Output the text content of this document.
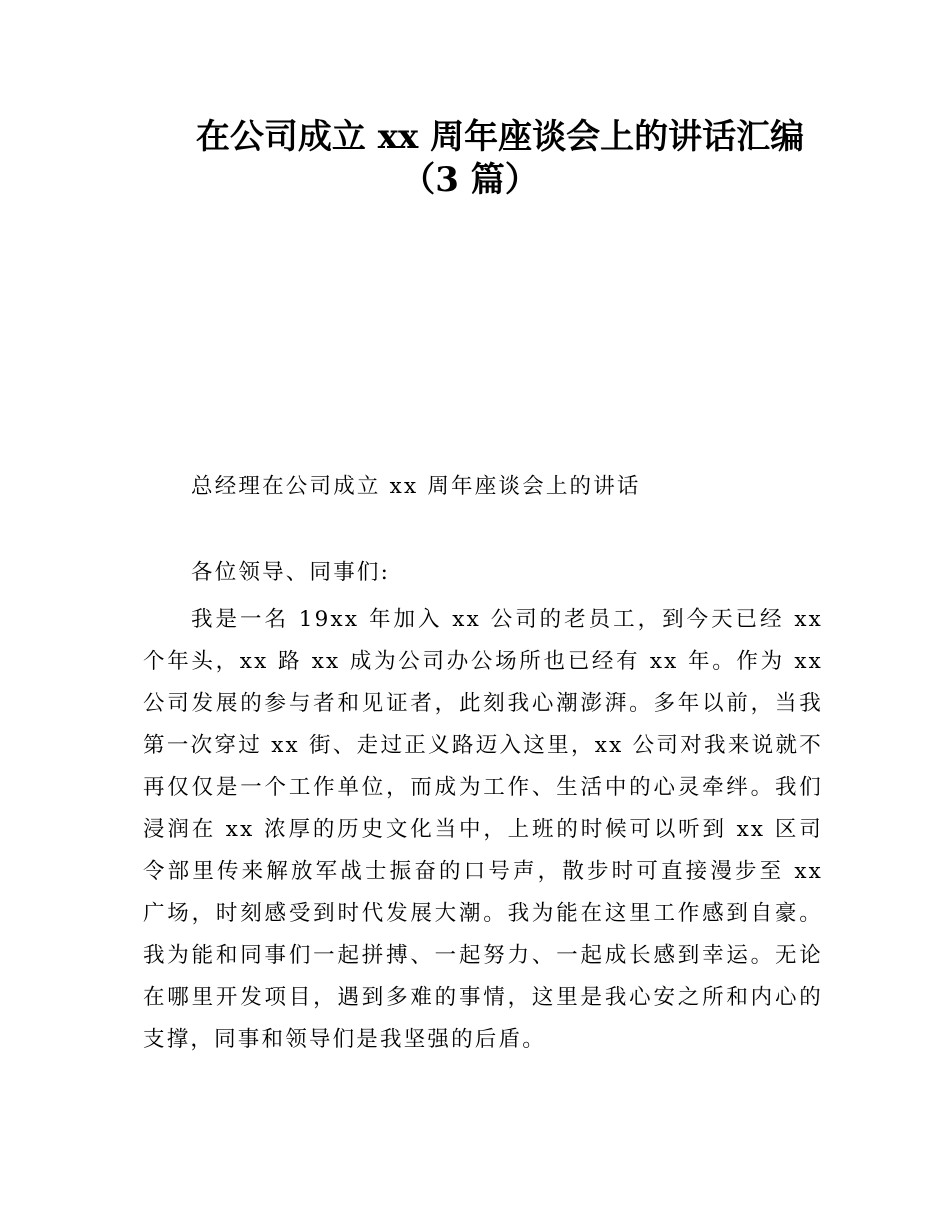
在公司成立 xx 周年座谈会上的讲话汇编
（3 篇）
总经理在公司成立 xx 周年座谈会上的讲话
各位领导、同事们:
我是一名 19xx 年加入 xx 公司的老员工，到今天已经 xx 个年头，xx 路 xx 成为公司办公场所也已经有 xx 年。作为 xx 公司发展的参与者和见证者，此刻我心潮澎湃。多年以前，当我第一次穿过 xx 街、走过正义路迈入这里，xx 公司对我来说就不再仅仅是一个工作单位，而成为工作、生活中的心灵牵绊。我们浸润在 xx 浓厚的历史文化当中，上班的时候可以听到 xx 区司令部里传来解放军战士振奋的口号声，散步时可直接漫步至 xx 广场，时刻感受到时代发展大潮。我为能在这里工作感到自豪。我为能和同事们一起拼搏、一起努力、一起成长感到幸运。无论在哪里开发项目，遇到多难的事情，这里是我心安之所和内心的支撑，同事和领导们是我坚强的后盾。
